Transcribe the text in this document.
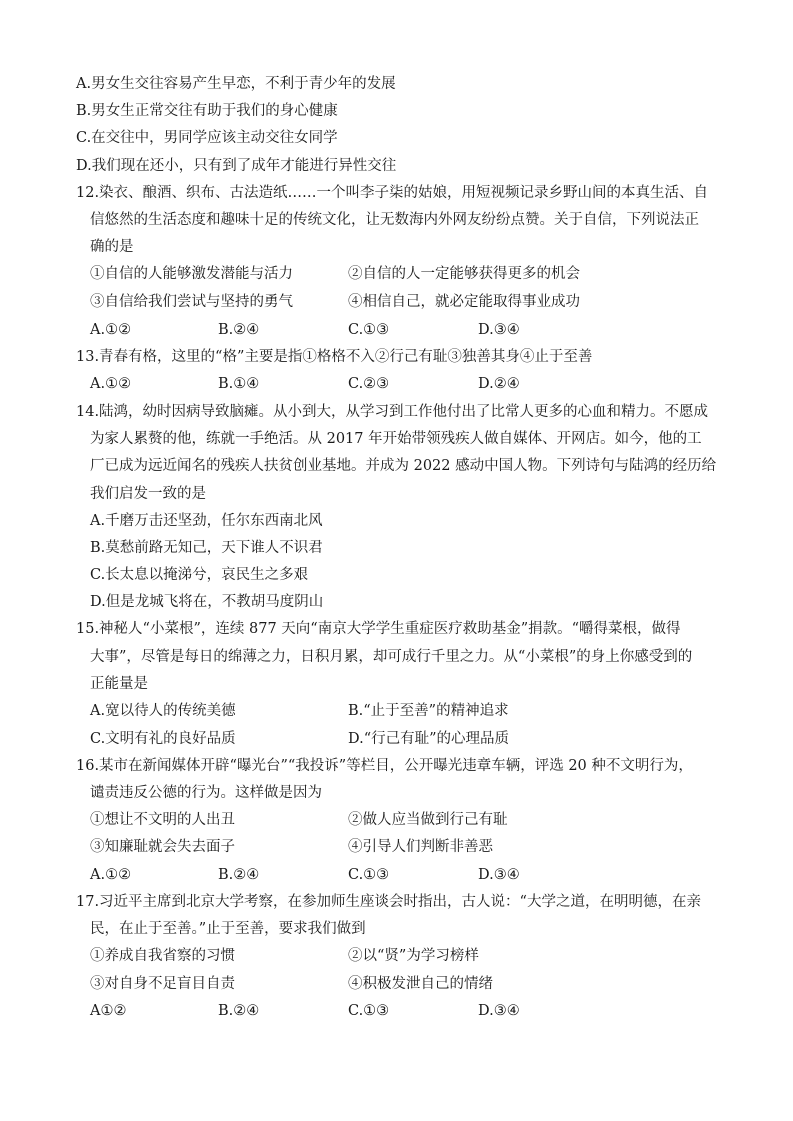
A.男女生交往容易产生早恋，不利于青少年的发展
B.男女生正常交往有助于我们的身心健康
C.在交往中，男同学应该主动交往女同学
D.我们现在还小，只有到了成年才能进行异性交往
12.染衣、酿酒、织布、古法造纸……一个叫李子柒的姑娘，用短视频记录乡野山间的本真生活、自
信悠然的生活态度和趣味十足的传统文化，让无数海内外网友纷纷点赞。关于自信，下列说法正
确的是
①自信的人能够激发潜能与活力	②自信的人一定能够获得更多的机会
③自信给我们尝试与坚持的勇气	④相信自己，就必定能取得事业成功
A.①②	B.②④	C.①③	D.③④
13.青春有格，这里的“格”主要是指①格格不入②行己有耻③独善其身④止于至善
A.①②	B.①④	C.②③	D.②④
14.陆鸿，幼时因病导致脑瘫。从小到大，从学习到工作他付出了比常人更多的心血和精力。不愿成
为家人累赘的他，练就一手绝活。从 2017 年开始带领残疾人做自媒体、开网店。如今，他的工
厂已成为远近闻名的残疾人扶贫创业基地。并成为 2022 感动中国人物。下列诗句与陆鸿的经历给
我们启发一致的是
A.千磨万击还坚劲，任尔东西南北风
B.莫愁前路无知己，天下谁人不识君
C.长太息以掩涕兮，哀民生之多艰
D.但是龙城飞将在，不教胡马度阴山
15.神秘人“小菜根”，连续 877 天向“南京大学学生重症医疗救助基金”捐款。“嚼得菜根，做得
大事”，尽管是每日的绵薄之力，日积月累，却可成行千里之力。从“小菜根”的身上你感受到的
正能量是
A.宽以待人的传统美德	B.“止于至善”的精神追求
C.文明有礼的良好品质	D.“行己有耻”的心理品质
16.某市在新闻媒体开辟“曝光台”“我投诉”等栏目，公开曝光违章车辆，评选 20 种不文明行为，
谴责违反公德的行为。这样做是因为
①想让不文明的人出丑	②做人应当做到行己有耻
③知廉耻就会失去面子	④引导人们判断非善恶
A.①②	B.②④	C.①③	D.③④
17.习近平主席到北京大学考察，在参加师生座谈会时指出，古人说：“大学之道，在明明德，在亲
民，在止于至善。”止于至善，要求我们做到
①养成自我省察的习惯	②以“贤”为学习榜样
③对自身不足盲目自责	④积极发泄自己的情绪
A①②	B.②④	C.①③	D.③④
